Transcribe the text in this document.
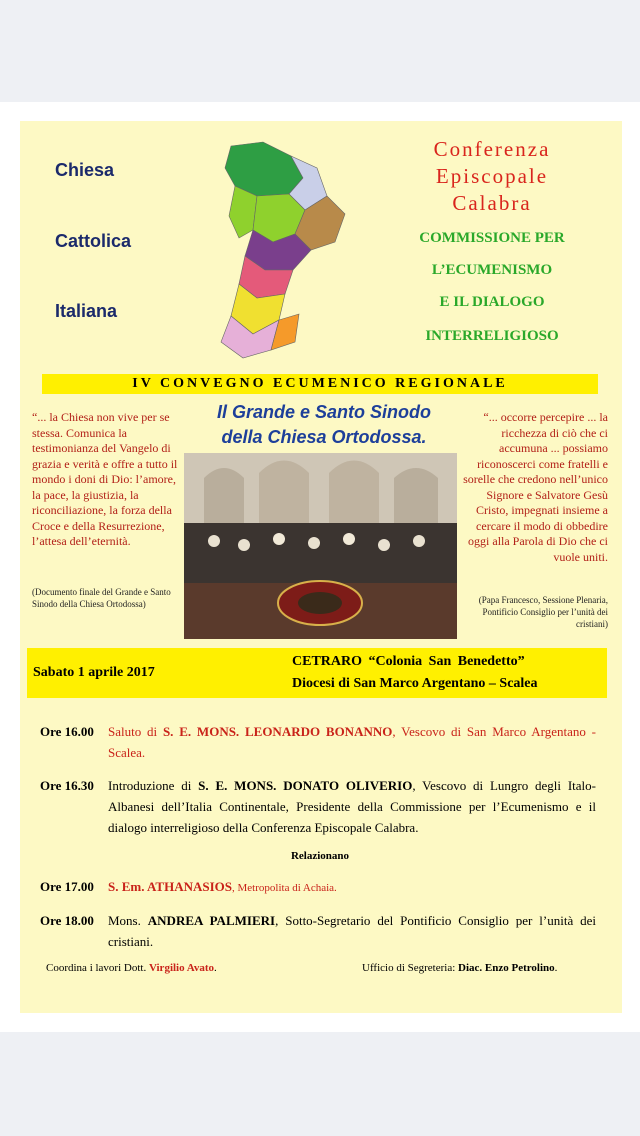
Chiesa
Cattolica
Italiana
Conferenza
Episcopale
Calabra
COMMISSIONE PER
L’ECUMENISMO
E IL DIALOGO
INTERRELIGIOSO
IV CONVEGNO ECUMENICO REGIONALE
Il Grande e Santo Sinodo
della Chiesa Ortodossa.
“... la Chiesa non vive per se stessa. Comunica la testimonianza del Vangelo di grazia e verità e offre a tutto il mondo i doni di Dio: l’amore, la pace, la giustizia, la riconciliazione, la forza della Croce e della Resurrezione, l’attesa dell’eternità.
(Documento finale del Grande e Santo Sinodo della Chiesa Ortodossa)
“... occorre percepire ... la ricchezza di ciò che ci accumuna ... possiamo riconoscerci come fratelli e sorelle che credono nell’unico Signore e Salvatore Gesù Cristo, impegnati insieme a cercare il modo di obbedire oggi alla Parola di Dio che ci vuole uniti.
(Papa Francesco, Sessione Plenaria, Pontificio Consiglio per l’unità dei cristiani)
Sabato 1 aprile 2017
CETRARO “Colonia San Benedetto”
Diocesi di San Marco Argentano – Scalea
Ore 16.00 Saluto di S. E. MONS. LEONARDO BONANNO, Vescovo di San Marco Argentano - Scalea.
Ore 16.30 Introduzione di S. E. MONS. DONATO OLIVERIO, Vescovo di Lungro degli Italo-Albanesi dell’Italia Continentale, Presidente della Commissione per l’Ecumenismo e il dialogo interreligioso della Conferenza Episcopale Calabra.
Relazionano
Ore 17.00 S. Em. ATHANASIOS, Metropolita di Achaia.
Ore 18.00 Mons. ANDREA PALMIERI, Sotto-Segretario del Pontificio Consiglio per l’unità dei cristiani.
Coordina i lavori Dott. Virgilio Avato.	Ufficio di Segreteria: Diac. Enzo Petrolino.
